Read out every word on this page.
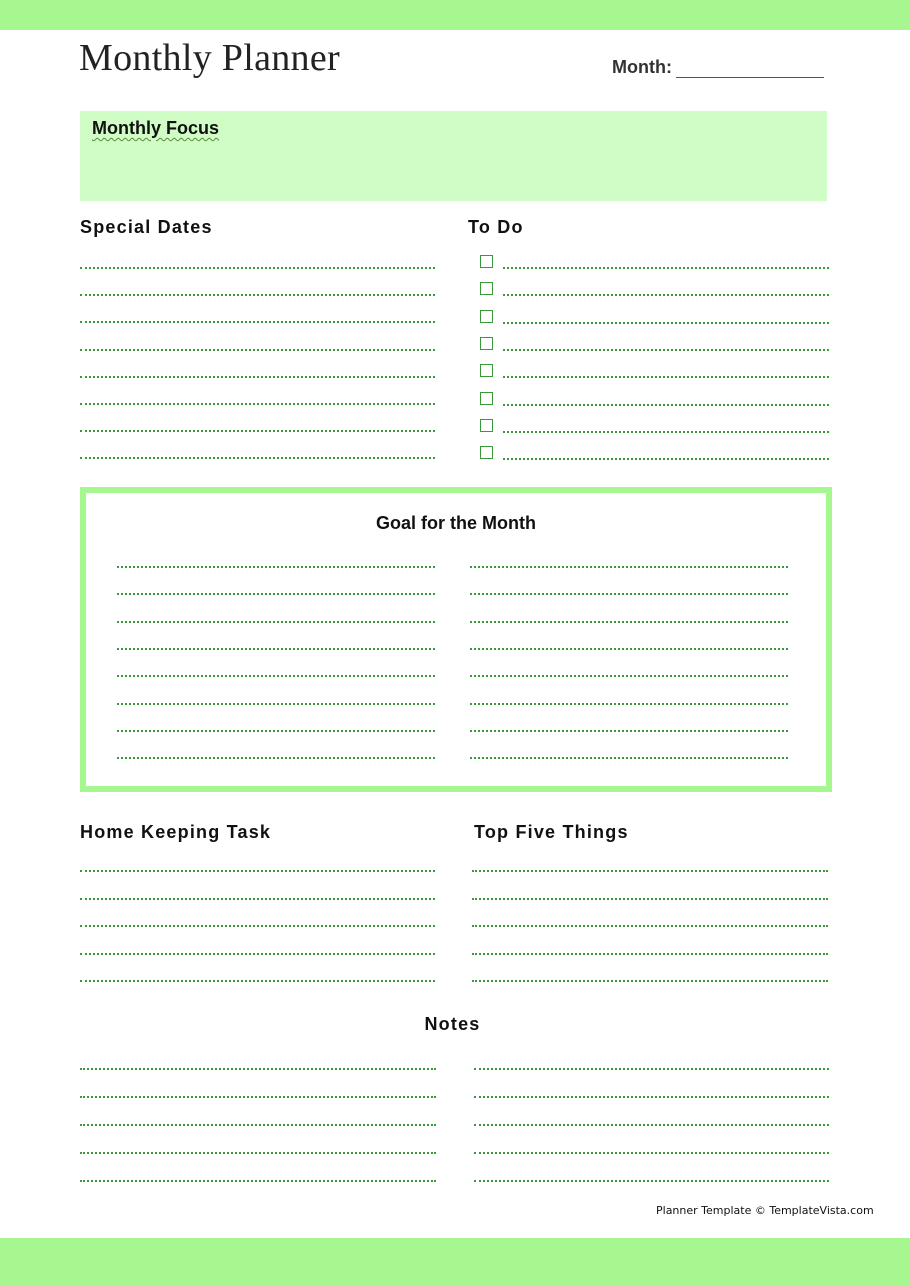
Monthly Planner	Month:
Monthly Focus
Special Dates	To Do
Goal for the Month
Home Keeping Task	Top Five Things
Notes
Planner Template © TemplateVista.com
